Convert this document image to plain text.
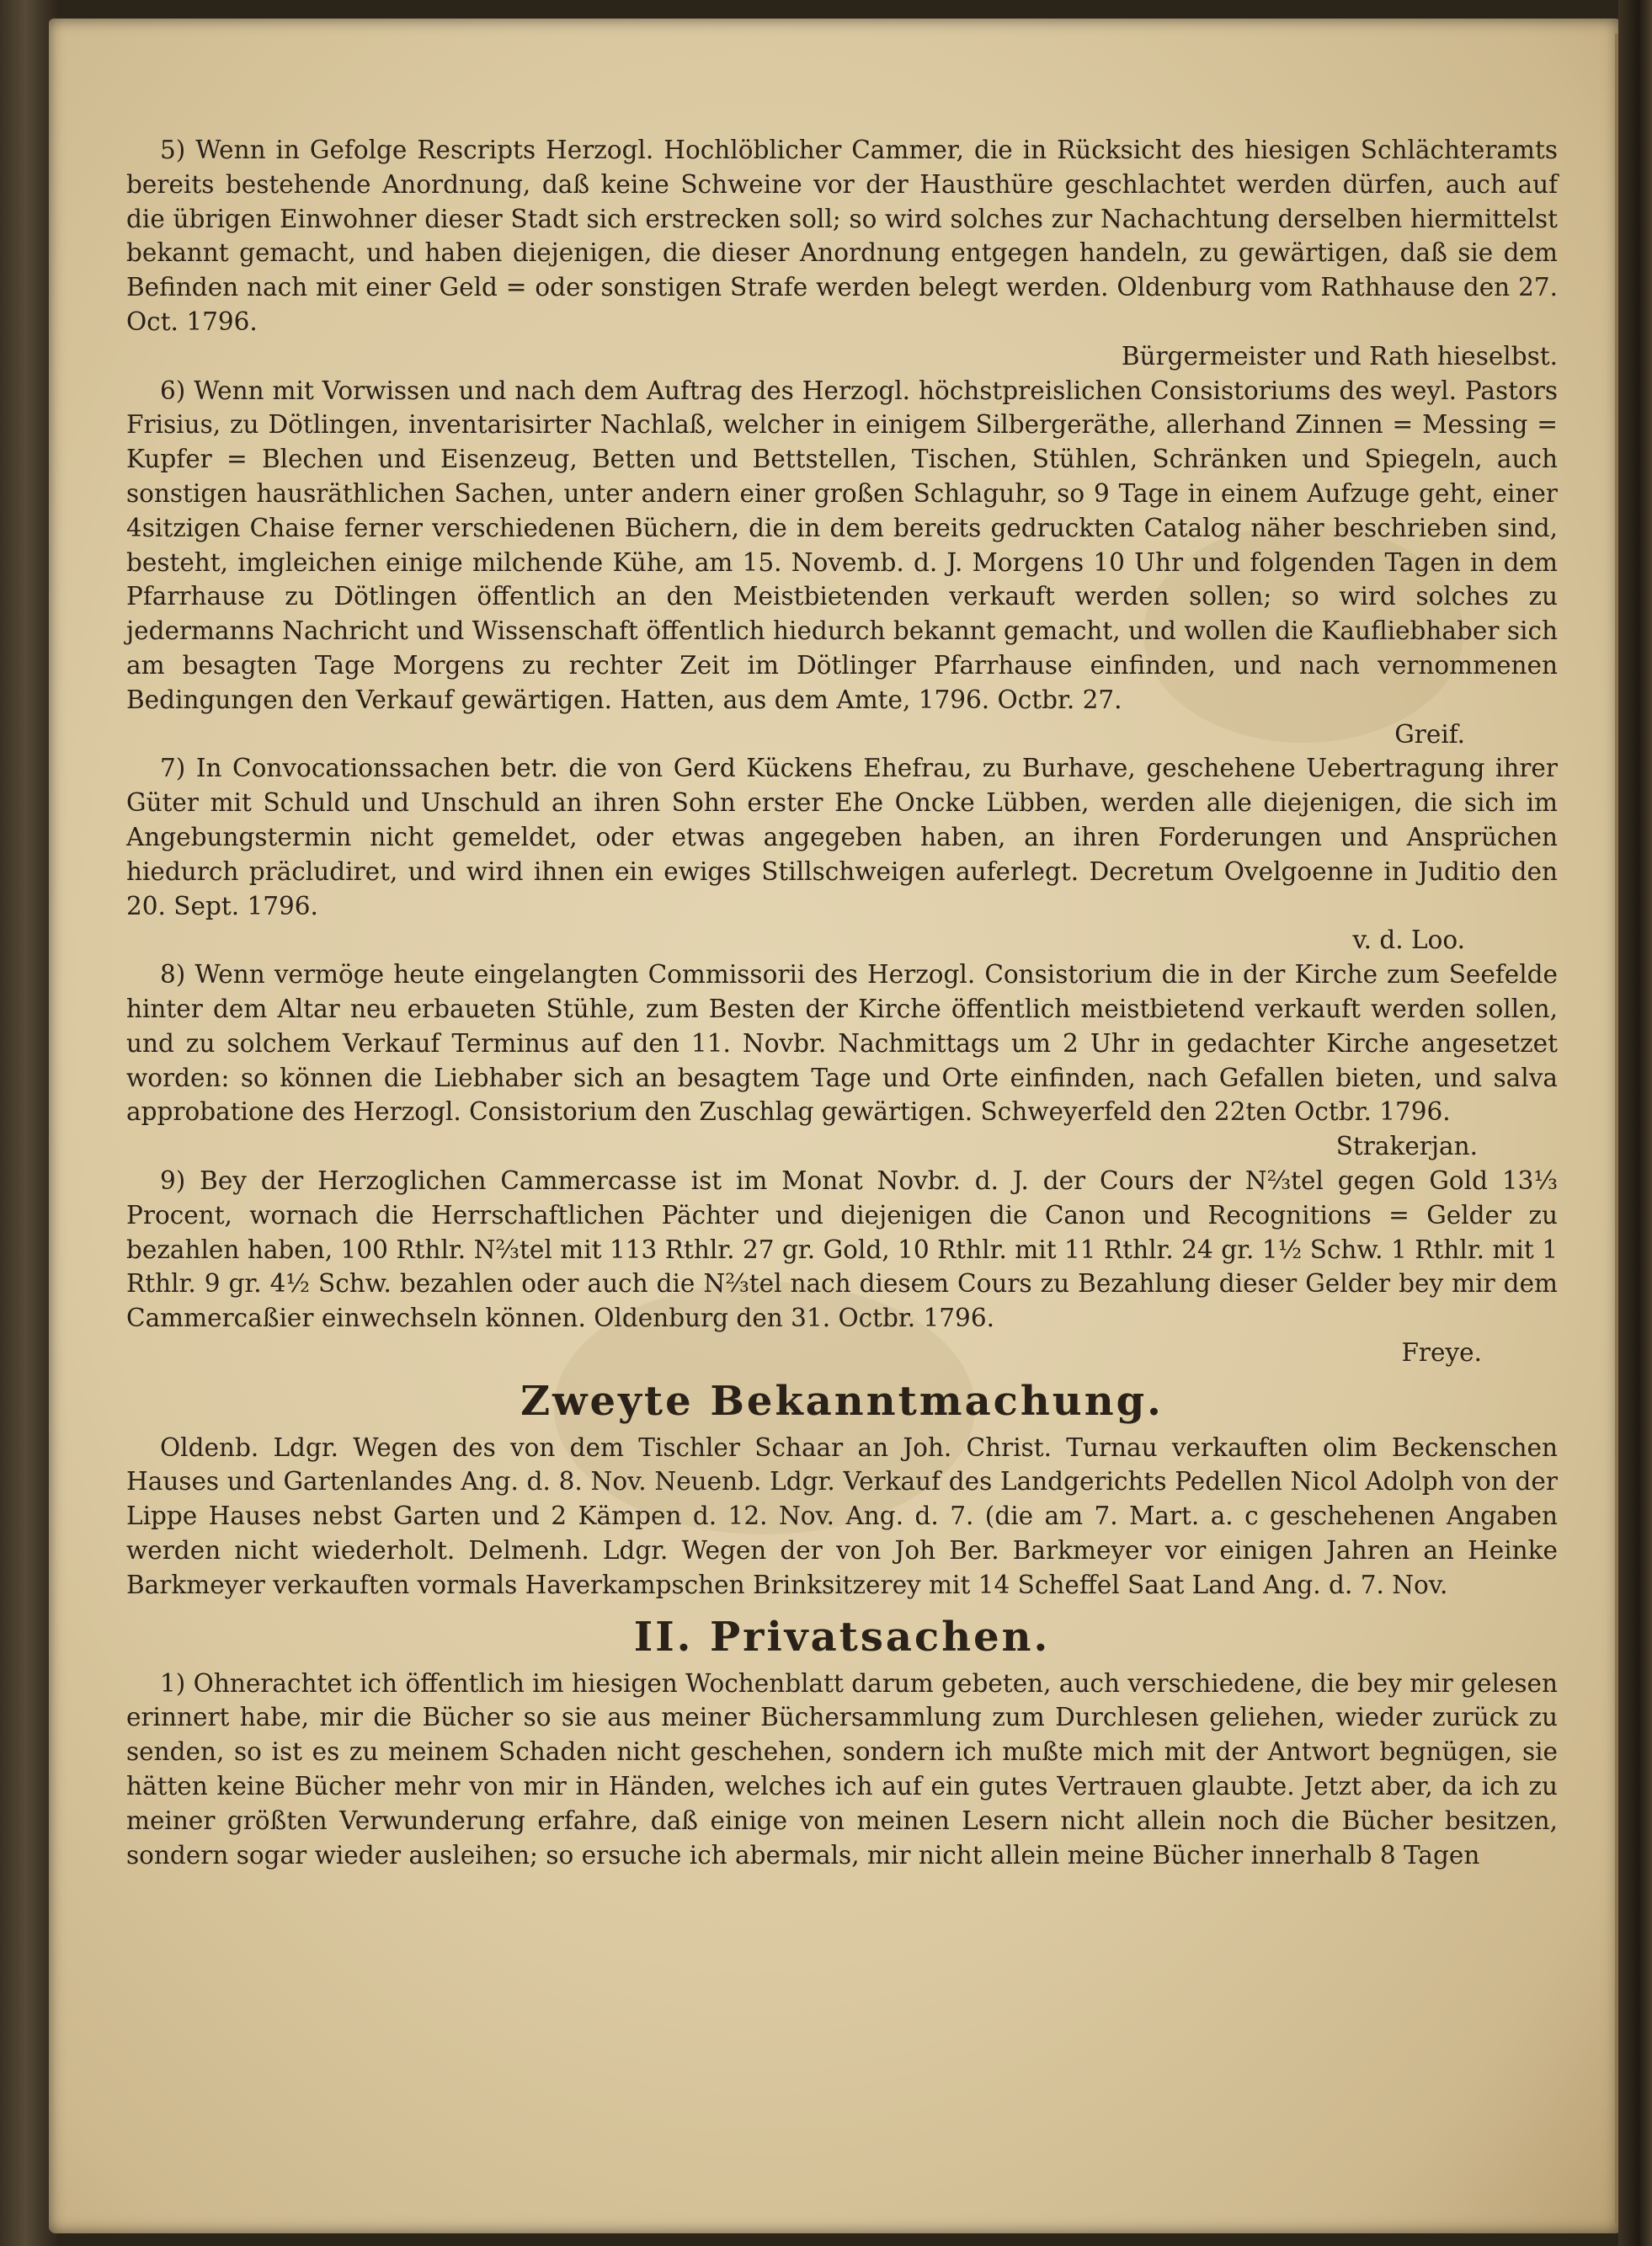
5) Wenn in Gefolge Rescripts Herzogl. Hochlöblicher Cammer, die in Rücksicht des hiesigen Schlächteramts bereits bestehende Anordnung, daß keine Schweine vor der Hausthüre geschlachtet werden dürfen, auch auf die übrigen Einwohner dieser Stadt sich erstrecken soll; so wird solches zur Nachachtung derselben hiermittelst bekannt gemacht, und haben diejenigen, die dieser Anordnung entgegen handeln, zu gewärtigen, daß sie dem Befinden nach mit einer Geld = oder sonstigen Strafe werden belegt werden. Oldenburg vom Rathhause den 27. Oct. 1796.

Bürgermeister und Rath hieselbst.

6) Wenn mit Vorwissen und nach dem Auftrag des Herzogl. höchstpreislichen Consistoriums des weyl. Pastors Frisius, zu Dötlingen, inventarisirter Nachlaß, welcher in einigem Silbergeräthe, allerhand Zinnen = Messing = Kupfer = Blechen und Eisenzeug, Betten und Bettstellen, Tischen, Stühlen, Schränken und Spiegeln, auch sonstigen hausräthlichen Sachen, unter andern einer großen Schlaguhr, so 9 Tage in einem Aufzuge geht, einer 4sitzigen Chaise ferner verschiedenen Büchern, die in dem bereits gedruckten Catalog näher beschrieben sind, besteht, imgleichen einige milchende Kühe, am 15. Novemb. d. J. Morgens 10 Uhr und folgenden Tagen in dem Pfarrhause zu Dötlingen öffentlich an den Meistbietenden verkauft werden sollen; so wird solches zu jedermanns Nachricht und Wissenschaft öffentlich hiedurch bekannt gemacht, und wollen die Kaufliebhaber sich am besagten Tage Morgens zu rechter Zeit im Dötlinger Pfarrhause einfinden, und nach vernommenen Bedingungen den Verkauf gewärtigen. Hatten, aus dem Amte, 1796. Octbr. 27.

Greif.

7) In Convocationssachen betr. die von Gerd Kückens Ehefrau, zu Burhave, geschehene Uebertragung ihrer Güter mit Schuld und Unschuld an ihren Sohn erster Ehe Oncke Lübben, werden alle diejenigen, die sich im Angebungstermin nicht gemeldet, oder etwas angegeben haben, an ihren Forderungen und Ansprüchen hiedurch präcludiret, und wird ihnen ein ewiges Stillschweigen auferlegt. Decretum Ovelgoenne in Juditio den 20. Sept. 1796.

v. d. Loo.

8) Wenn vermöge heute eingelangten Commissorii des Herzogl. Consistorium die in der Kirche zum Seefelde hinter dem Altar neu erbaueten Stühle, zum Besten der Kirche öffentlich meistbietend verkauft werden sollen, und zu solchem Verkauf Terminus auf den 11. Novbr. Nachmittags um 2 Uhr in gedachter Kirche angesetzet worden: so können die Liebhaber sich an besagtem Tage und Orte einfinden, nach Gefallen bieten, und salva approbatione des Herzogl. Consistorium den Zuschlag gewärtigen. Schweyerfeld den 22ten Octbr. 1796.

Strakerjan.

9) Bey der Herzoglichen Cammercasse ist im Monat Novbr. d. J. der Cours der N⅔tel gegen Gold 13⅓ Procent, wornach die Herrschaftlichen Pächter und diejenigen die Canon und Recognitions = Gelder zu bezahlen haben, 100 Rthlr. N⅔tel mit 113 Rthlr. 27 gr. Gold, 10 Rthlr. mit 11 Rthlr. 24 gr. 1½ Schw. 1 Rthlr. mit 1 Rthlr. 9 gr. 4½ Schw. bezahlen oder auch die N⅔tel nach diesem Cours zu Bezahlung dieser Gelder bey mir dem Cammercaßier einwechseln können. Oldenburg den 31. Octbr. 1796.

Freye.

Zweyte Bekanntmachung.

Oldenb. Ldgr. Wegen des von dem Tischler Schaar an Joh. Christ. Turnau verkauften olim Beckenschen Hauses und Gartenlandes Ang. d. 8. Nov. Neuenb. Ldgr. Verkauf des Landgerichts Pedellen Nicol Adolph von der Lippe Hauses nebst Garten und 2 Kämpen d. 12. Nov. Ang. d. 7. (die am 7. Mart. a. c geschehenen Angaben werden nicht wiederholt. Delmenh. Ldgr. Wegen der von Joh Ber. Barkmeyer vor einigen Jahren an Heinke Barkmeyer verkauften vormals Haverkampschen Brinksitzerey mit 14 Scheffel Saat Land Ang. d. 7. Nov.

II. Privatsachen.

1) Ohnerachtet ich öffentlich im hiesigen Wochenblatt darum gebeten, auch verschiedene, die bey mir gelesen erinnert habe, mir die Bücher so sie aus meiner Büchersammlung zum Durchlesen geliehen, wieder zurück zu senden, so ist es zu meinem Schaden nicht geschehen, sondern ich mußte mich mit der Antwort begnügen, sie hätten keine Bücher mehr von mir in Händen, welches ich auf ein gutes Vertrauen glaubte. Jetzt aber, da ich zu meiner größten Verwunderung erfahre, daß einige von meinen Lesern nicht allein noch die Bücher besitzen, sondern sogar wieder ausleihen; so ersuche ich abermals, mir nicht allein meine Bücher innerhalb 8 Tagen
